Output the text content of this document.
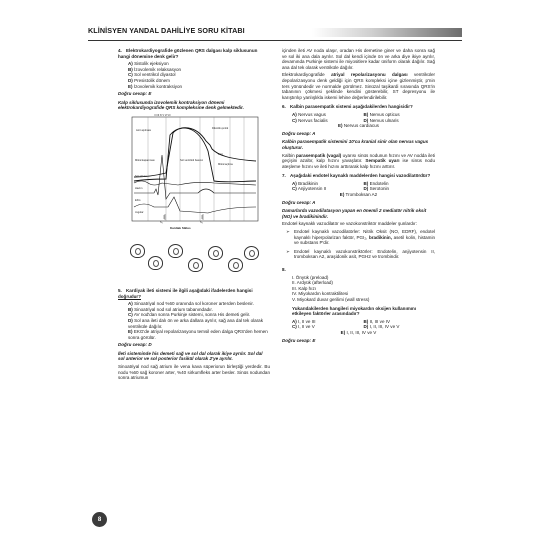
KLİNİSYEN YANDAL DAHİLİYE SORU KİTABI

4. Elektrokardiyografide gözlenen QRS dalgası kalp siklusunun hangi dönemine denk gelir?

A) Sistolik ejeksiyon

B) İzovolemik relaksasyon

C) Sol ventrikül diyastol

D) Presistolik dönem

E) İzovolemik kontraksiyon

Doğru cevap: E

Kalp siklusunda izovolemik kontraksiyon dönemi elektrokardiyografide QRS kompleksine denk gelmektedir.

I II III IV V VI VII
Aort açılması
Dikrotik çentik
Aort
Mitral açılma
Mitral kapanması
Sol atrium
Sol ventrikül basıncı
Hacim
EKG
Jugular
S₁	S₂
Kardiak Siklus

5. Kardiyak ileti sistemi ile ilgili aşağıdaki ifadelerden hangisi doğrudur?

A) Sinoatriyal nod %60 oranında sol koroner arterden beslenir.

B) Sinoatriyal nod sol atrium tabanındadır.

C) AV nod'dan sonra Purkinje sistemi, sonra His demeti gelir.

D) Sol ana ileti dalı ön ve arka dallara ayrılır, sağ ana dal tek olarak ventriküle dağılır.

E) EKG'de atriyal repolarizasyonu temsil eden dalga QRS'den hemen sonra görülür.

Doğru cevap: D

İleti sisteminde his demeti sağ ve sol dal olarak ikiye ayrılır. Sol dal sol anterior ve sol posterior fasikül olarak 2'ye ayrılır.

Sinoatriyal nod sağ atrium ile vena kava süperiorun birleştiği yerdedir. Bu nodu %60 sağ koroner arter, %40 sirkumfleks arter besler. Sinüs nodundan sonra atriumun

içinden ileti AV noda ulaşır, oradan His demetine giner ve daha sonra sağ ve sol iki ana dala ayrılır. Sol dal kendi içinde ön ve arka diye ikiye ayrılır, devamında Purkinje sistemi ile miyositlere kadar üniform olarak dağılır. Sağ ana dal tek olarak ventriküle dağılır.

Elektrokardiyografide atriyal repolarizasyonu dalgası ventriküler depolarizasyonu denk geldiği için QRS kompleksi içine gizlenmiştir, p'nin ters yönündedir ve normalde görülmez. Sinüzal taşikardi sırasında QRS'in tabanının çökmesi şeklinde kendini gösterebilir, ST depresyonu ile karıştırılıp yanlışlıkla iskemi lehine değerlendirilebilir.

6. Kalbin parasempatik sistemi aşağıdakilerden hangisidir?

A) Nervus vagus	B) Nervus opticus

C) Nervus facialis	D) Nervus ulnaris

E) Nervus cardiacus

Doğru cevap: A

Kalbin parasempatik sistemini 10'cu kranial sinir olan nervus vagus oluşturur.

Kalbin parasempatik (vagal) uyarısı sinüs nodunun hızını ve AV nodda ileti geçişini azaltır, kalp hızını yavaşlatır. Sempatik uyarı ise sinüs nodu ateşleme hızını ve ileti hızını arttırarak kalp hızını arttırır.

7. Aşağıdaki endotel kaynaklı maddelerden hangisi vazodilatördür?

A) Bradikinin	B) Endotelin

C) Anjiyotensin II	D) Serotonin

E) Tromboksan A2

Doğru cevap: A

Damarlarda vazodilatasyon yapan en önemli 2 mediatör nitrik oksit (NO) ve bradikinindir.

Endotel kaynaklı vazodilatör ve vazokonstriktör maddeler şunlardır:

➢ Endotel kaynaklı vazodilatörler: Nitrik Oksit (NO, EDRF), endotel kaynaklı hiperpolarizan faktör, PGI₂, bradikinin, asetil kolin, histamin ve substans P'dir.
➢ Endotel kaynaklı vazokonstriktörler: Endotelin, anjiyotensin II, tromboksan A2, araşidonik asit, PGH2 ve trombindir.

8.

I. Önyük (preload)

II. Ardyük (afterload)

III. Kalp hızı

IV. Miyokardın kontraktilitesi

V. Miyokard duvar gerilimi (wall stress)

Yukarıdakilerden hangileri miyokardın oksijen kullanımını etkileyen faktörler arasındadır?

A) I, II ve III	B) II, III ve IV

C) I, II ve V	D) I, II, III, IV ve V

E) I, II, III, IV ve V

Doğru cevap: E

8
